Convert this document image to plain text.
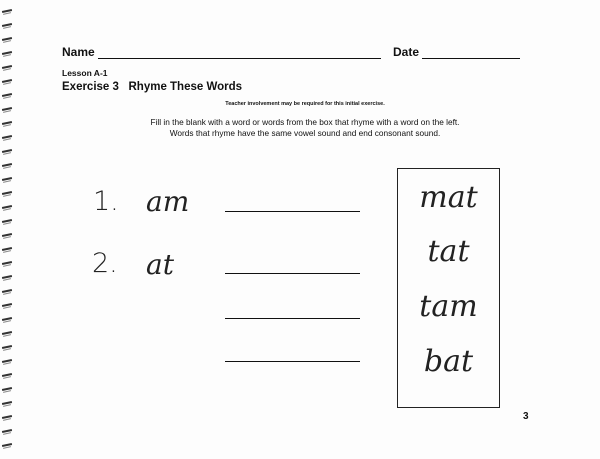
Name	Date
Lesson A-1
Exercise 3   Rhyme These Words
Teacher involvement may be required for this initial exercise.
Fill in the blank with a word or words from the box that rhyme with a word on the left.
Words that rhyme have the same vowel sound and end consonant sound.
1. am
2. at
mat
tat
tam
bat
3
